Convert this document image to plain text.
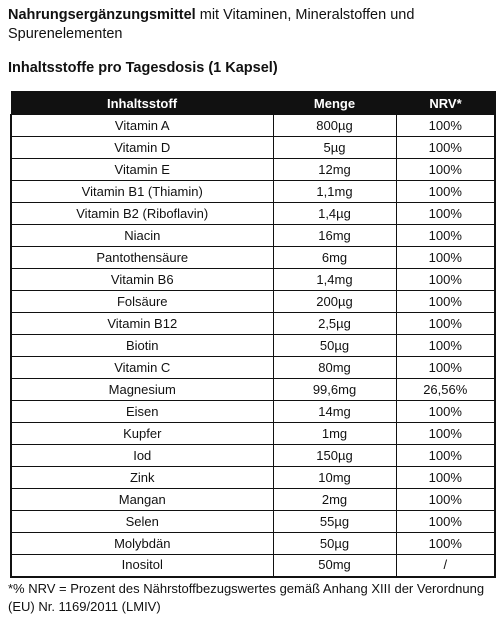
Nahrungsergänzungsmittel mit Vitaminen, Mineralstoffen und Spurenelementen
Inhaltsstoffe pro Tagesdosis (1 Kapsel)
Inhaltsstoff	Menge	NRV*
Vitamin A	800µg	100%
Vitamin D	5µg	100%
Vitamin E	12mg	100%
Vitamin B1 (Thiamin)	1,1mg	100%
Vitamin B2 (Riboflavin)	1,4µg	100%
Niacin	16mg	100%
Pantothensäure	6mg	100%
Vitamin B6	1,4mg	100%
Folsäure	200µg	100%
Vitamin B12	2,5µg	100%
Biotin	50µg	100%
Vitamin C	80mg	100%
Magnesium	99,6mg	26,56%
Eisen	14mg	100%
Kupfer	1mg	100%
Iod	150µg	100%
Zink	10mg	100%
Mangan	2mg	100%
Selen	55µg	100%
Molybdän	50µg	100%
Inositol	50mg	/
*% NRV = Prozent des Nährstoffbezugswertes gemäß Anhang XIII der Verordnung (EU) Nr. 1169/2011 (LMIV)
